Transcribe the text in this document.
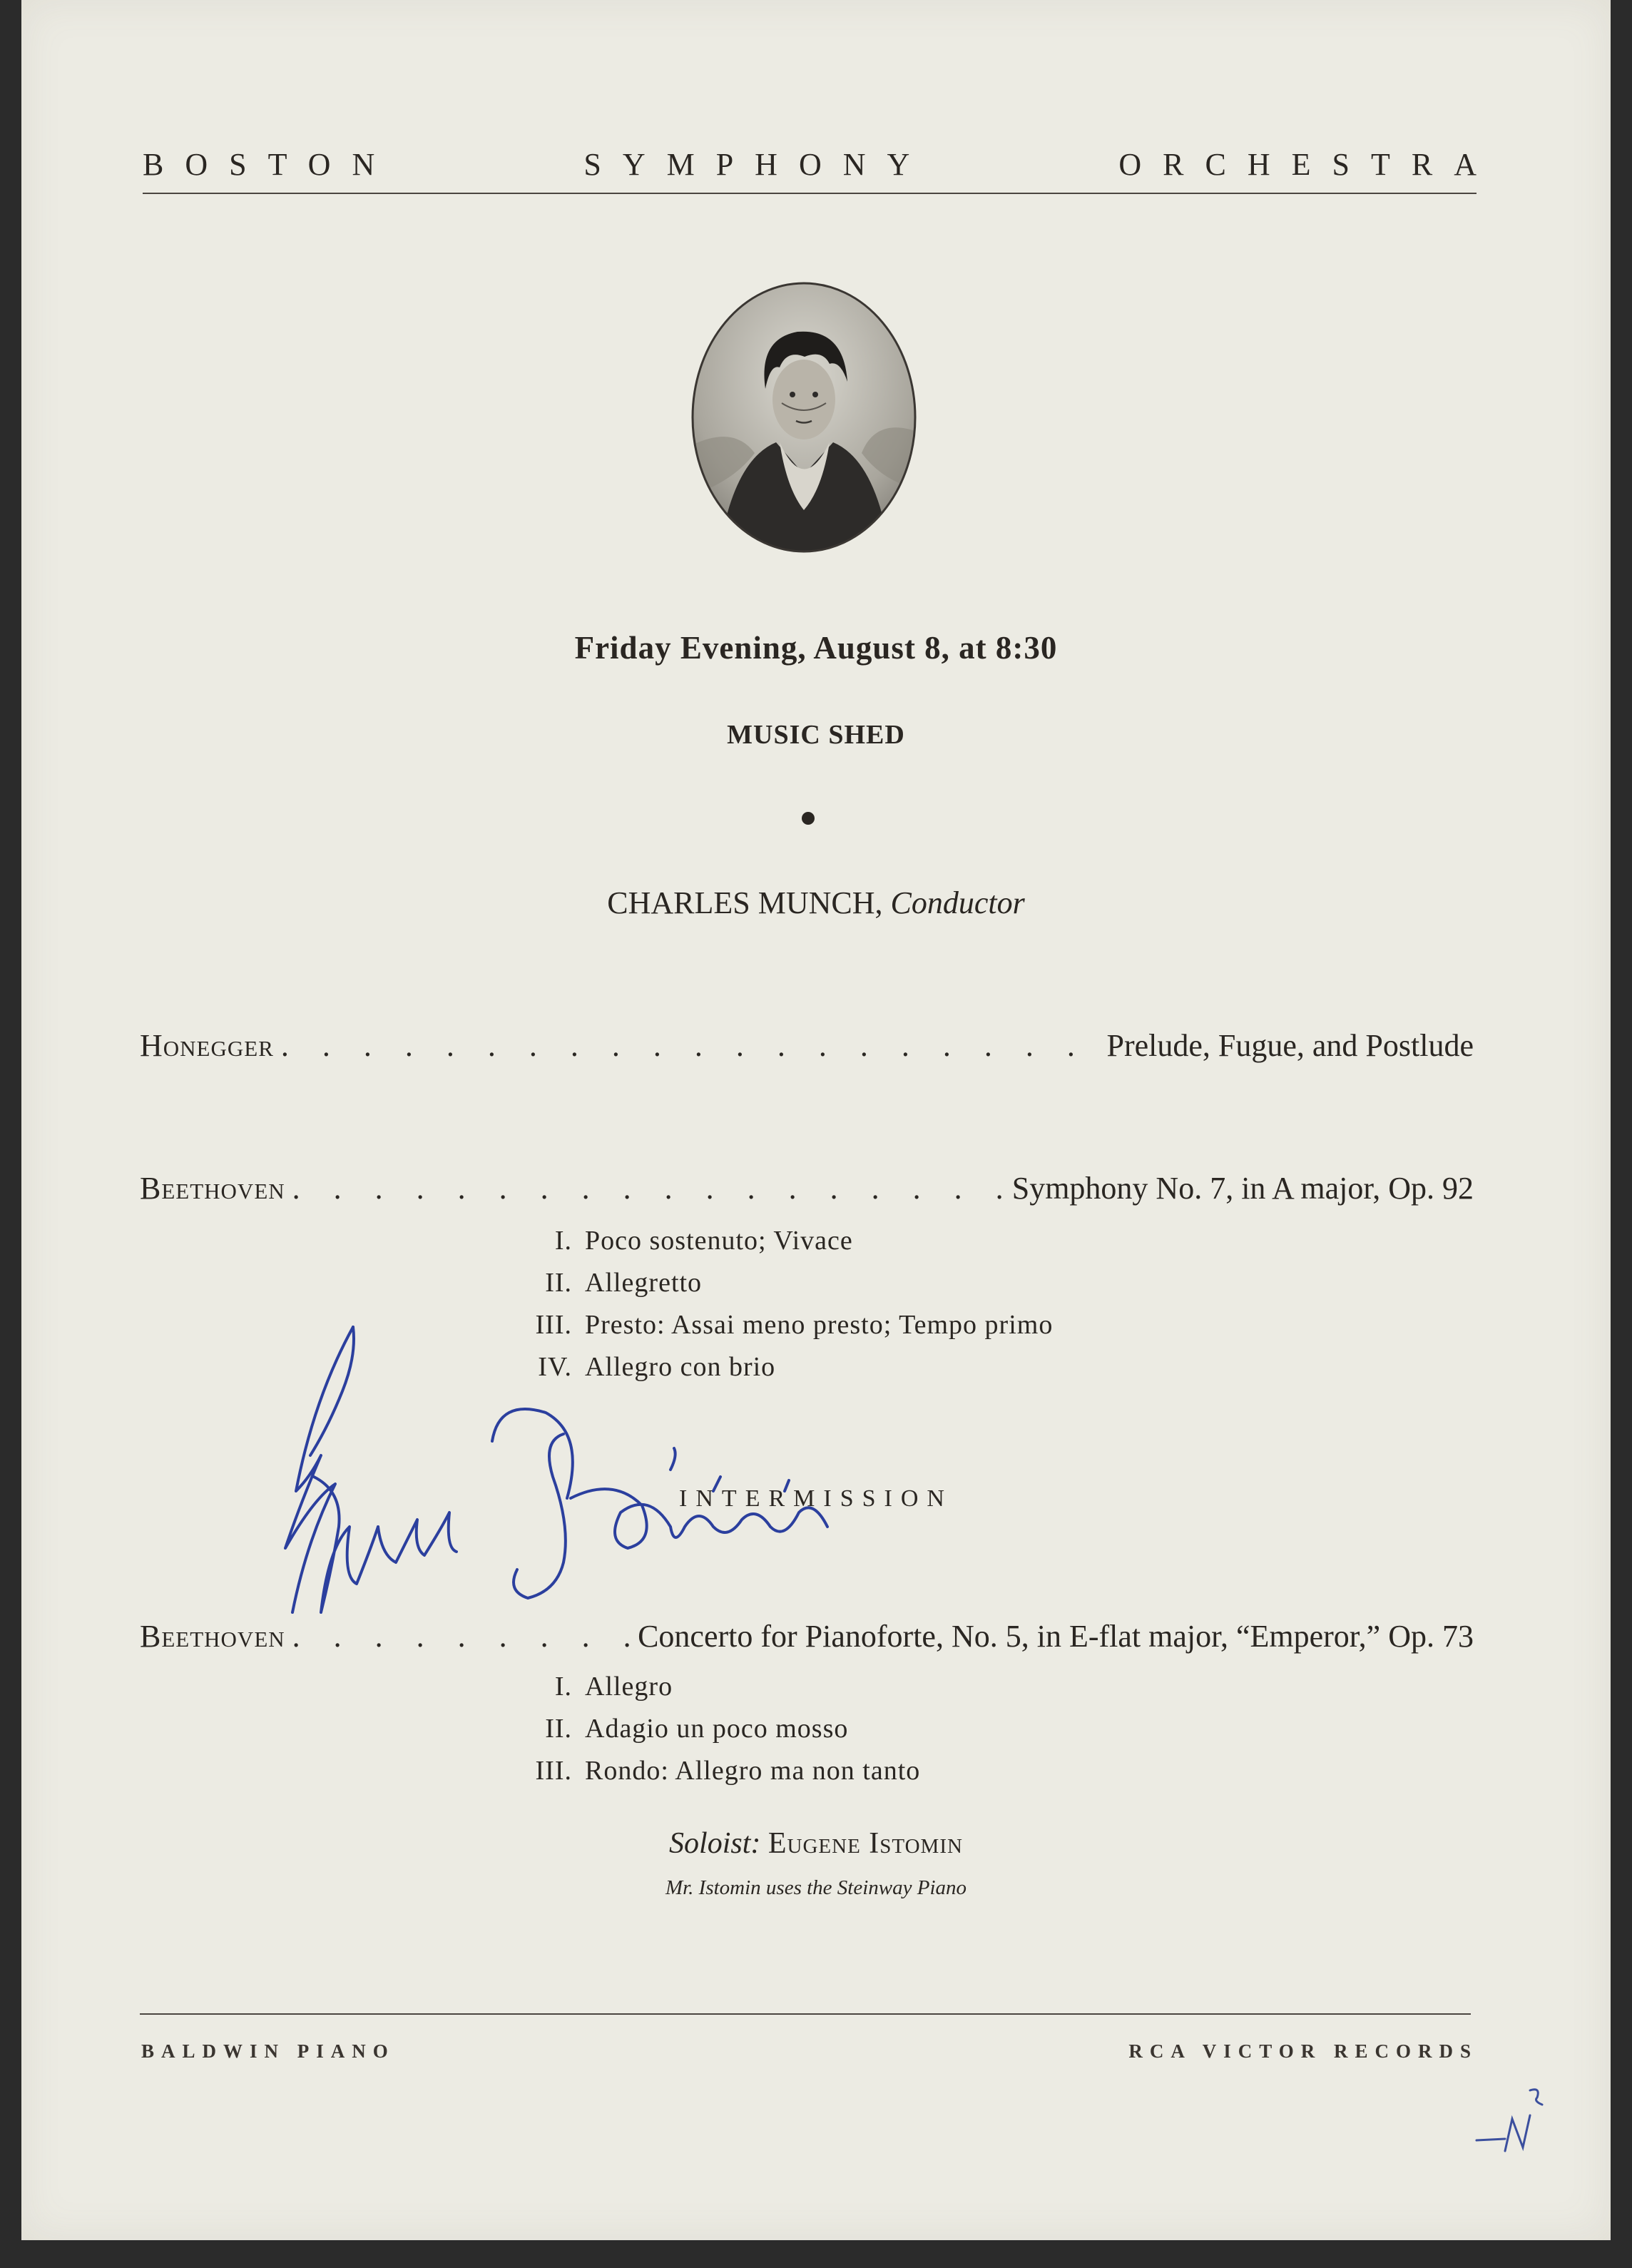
BOSTON	SYMPHONY	ORCHESTRA
Friday Evening, August 8, at 8:30
MUSIC SHED
CHARLES MUNCH, Conductor
Honegger . . .	Prelude, Fugue, and Postlude
Beethoven . . .	Symphony No. 7, in A major, Op. 92
I. Poco sostenuto; Vivace
II. Allegretto
III. Presto: Assai meno presto; Tempo primo
IV. Allegro con brio
INTERMISSION
Beethoven . . .	Concerto for Pianoforte, No. 5, in E-flat major, “Emperor,” Op. 73
I. Allegro
II. Adagio un poco mosso
III. Rondo: Allegro ma non tanto
Soloist: Eugene Istomin
Mr. Istomin uses the Steinway Piano
BALDWIN PIANO	RCA VICTOR RECORDS
